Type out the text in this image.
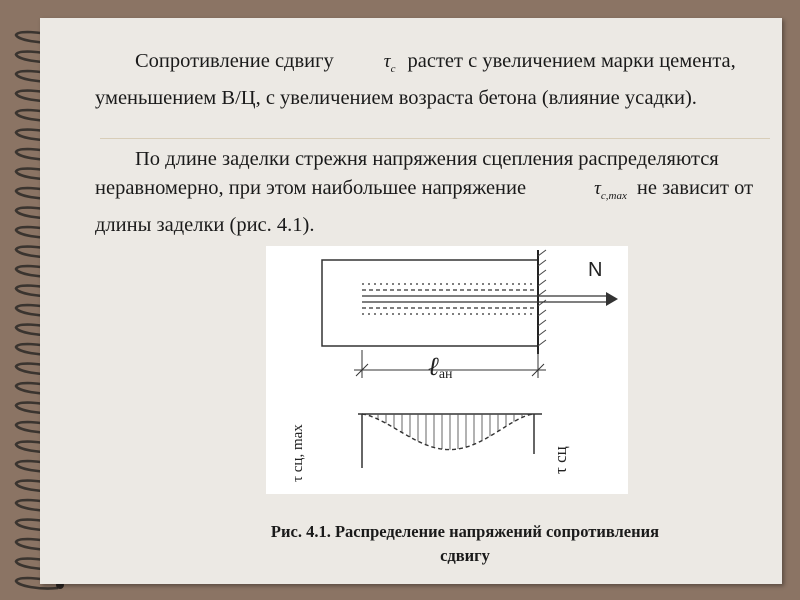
Сопротивление сдвигу	$\tau_c$ растет с увеличением марки цемента, уменьшением В/Ц, с увеличением возраста бетона (влияние усадки).

По длине заделки стрежня напряжения сцепления распределяются неравномерно, при этом наибольшее напряжение	$\tau_{c,max}$ не зависит от длины заделки (рис. 4.1).

N
ℓан
τ сц, max	τ сц
Рис. 4.1. Распределение напряжений сопротивления
сдвигу
